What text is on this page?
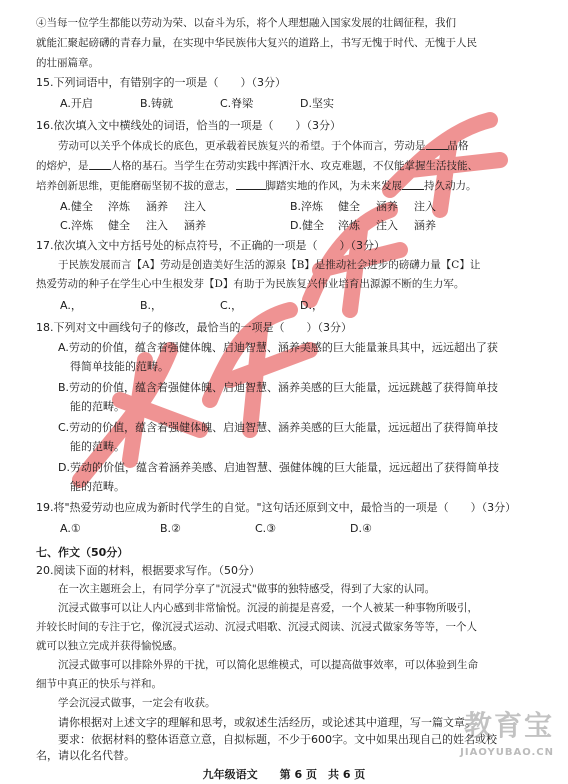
④当每一位学生都能以劳动为荣、以奋斗为乐，将个人理想融入国家发展的壮阔征程，我们
就能汇聚起磅礴的青春力量，在实现中华民族伟大复兴的道路上，书写无愧于时代、无愧于人民
的壮丽篇章。
15.下列词语中，有错别字的一项是（　　）（3分）
A.开启	B.铸就	C.脊梁	D.坚实
16.依次填入文中横线处的词语，恰当的一项是（　　）（3分）
劳动可以关乎个体成长的底色，更承载着民族复兴的希望。于个体而言，劳动是 品格
的熔炉，是 人格的基石。当学生在劳动实践中挥洒汗水、攻克难题，不仅能掌握生活技能、
培养创新思维，更能磨砺坚韧不拔的意志，	脚踏实地的作风，为未来发展 持久动力。
A.健全 淬炼 涵养 注入	B.淬炼 健全 涵养 注入
C.淬炼 健全 注入 涵养	D.健全 淬炼 注入 涵养
17.依次填入文中方括号处的标点符号，不正确的一项是（　　）（3分）
于民族发展而言【A】劳动是创造美好生活的源泉【B】是推动社会进步的磅礴力量【C】让
热爱劳动的种子在学生心中生根发芽【D】有助于为民族复兴伟业培育出源源不断的生力军。
A.，	B.，	C.，	D.，
18.下列对文中画线句子的修改，最恰当的一项是（　　）（3分）
A.劳动的价值，蕴含着强健体魄、启迪智慧、涵养美感的巨大能量兼具其中，远远超出了获
得简单技能的范畴。
B.劳动的价值，蕴含着强健体魄、启迪智慧、涵养美感的巨大能量，远远跳越了获得简单技
能的范畴。
C.劳动的价值，蕴含着强健体魄、启迪智慧、涵养美感的巨大能量，远远超出了获得简单技
能的范畴。
D.劳动的价值，蕴含着涵养美感、启迪智慧、强健体魄的巨大能量，远远超出了获得简单技
能的范畴。
19.将"热爱劳动也应成为新时代学生的自觉。"这句话还原到文中，最恰当的一项是（　　）（3分）
A.①	B.②	C.③	D.④
七、作文（50分）
20.阅读下面的材料，根据要求写作。（50分）
在一次主题班会上，有同学分享了"沉浸式"做事的独特感受，得到了大家的认同。
沉浸式做事可以让人内心感到非常愉悦。沉浸的前提是喜爱，一个人被某一种事物所吸引，
并较长时间的专注于它，像沉浸式运动、沉浸式唱歌、沉浸式阅读、沉浸式做家务等等，一个人
就可以独立完成并获得愉悦感。
沉浸式做事可以排除外界的干扰，可以简化思维模式，可以提高做事效率，可以体验到生命
细节中真正的快乐与祥和。
学会沉浸式做事，一定会有收获。
请你根据对上述文字的理解和思考，或叙述生活经历，或论述其中道理，写一篇文章。
要求：依据材料的整体语意立意，自拟标题，不少于600字。文中如果出现自己的姓名或校
名，请以化名代替。
教育宝
JIAOYUBAO.CN
九年级语文　　第 6 页　共 6 页
